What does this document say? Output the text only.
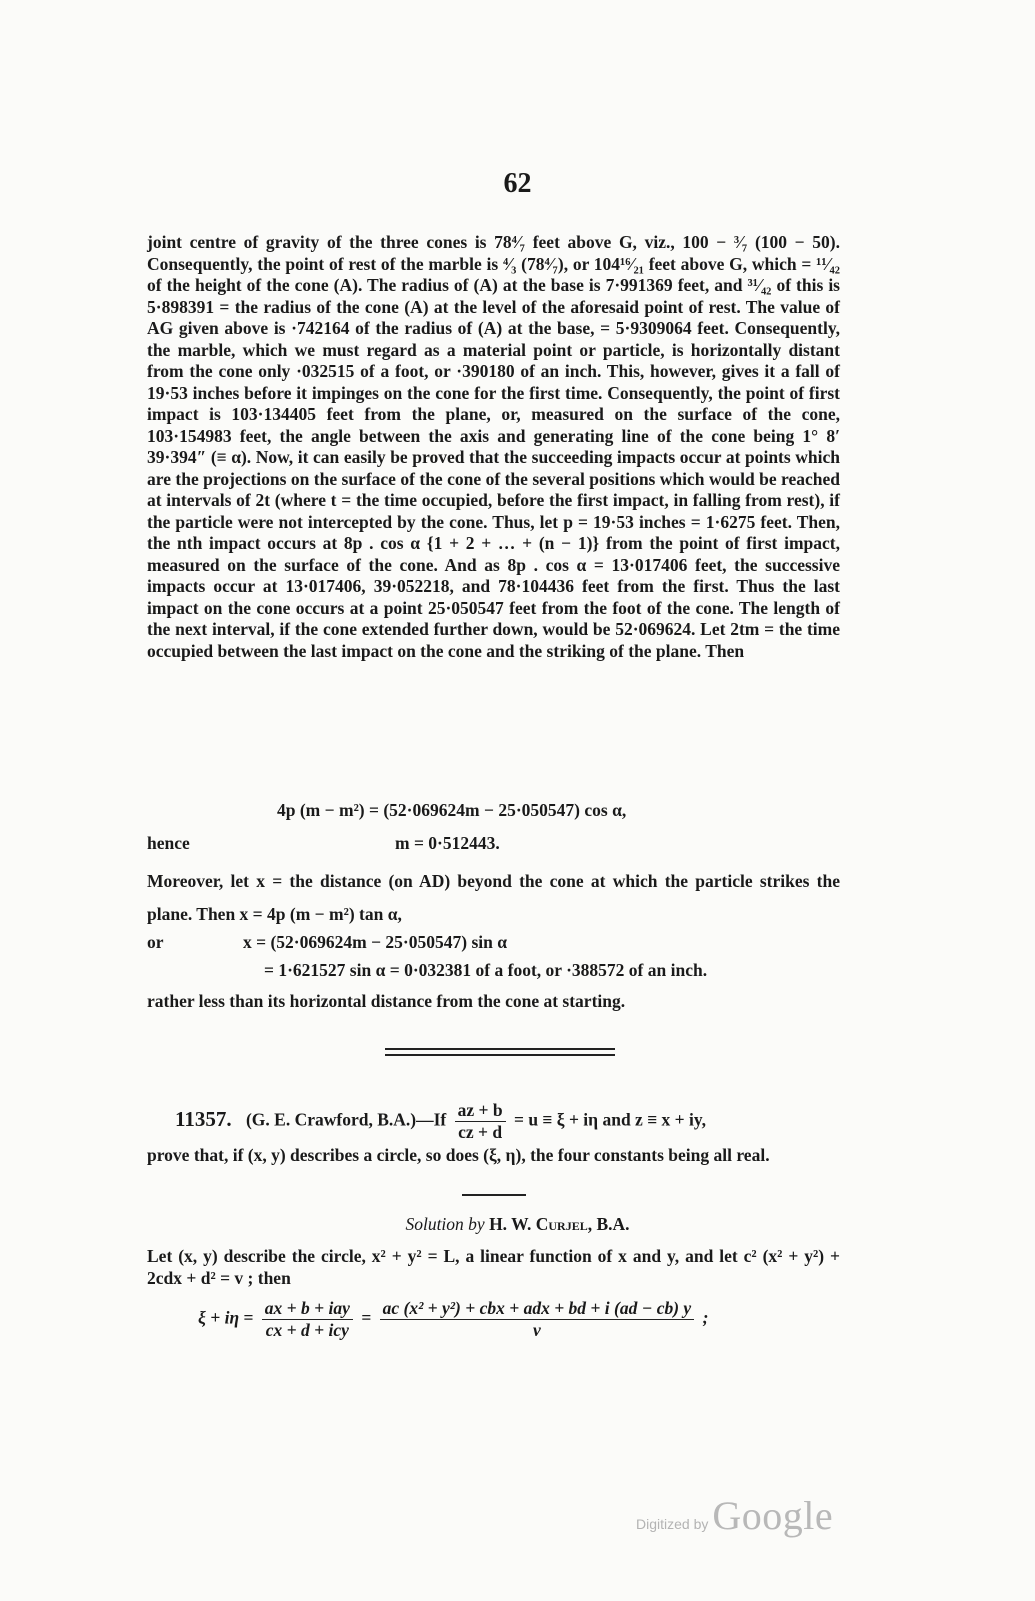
62

joint centre of gravity of the three cones is 78⁴⁄₇ feet above G, viz., 100 − ³⁄₇ (100 − 50). Consequently, the point of rest of the marble is ⁴⁄₃ (78⁴⁄₇), or 104¹⁶⁄₂₁ feet above G, which = ¹¹⁄₄₂ of the height of the cone (A). The radius of (A) at the base is 7·991369 feet, and ³¹⁄₄₂ of this is 5·898391 = the radius of the cone (A) at the level of the aforesaid point of rest. The value of AG given above is ·742164 of the radius of (A) at the base, = 5·9309064 feet. Consequently, the marble, which we must regard as a material point or particle, is horizontally distant from the cone only ·032515 of a foot, or ·390180 of an inch. This, however, gives it a fall of 19·53 inches before it impinges on the cone for the first time. Consequently, the point of first impact is 103·134405 feet from the plane, or, measured on the surface of the cone, 103·154983 feet, the angle between the axis and generating line of the cone being 1° 8′ 39·394″ (≡ α). Now, it can easily be proved that the succeeding impacts occur at points which are the projections on the surface of the cone of the several positions which would be reached at intervals of 2t (where t = the time occupied, before the first impact, in falling from rest), if the particle were not intercepted by the cone. Thus, let p = 19·53 inches = 1·6275 feet. Then, the nth impact occurs at 8p . cos α {1 + 2 + … + (n − 1)} from the point of first impact, measured on the surface of the cone. And as 8p . cos α = 13·017406 feet, the successive impacts occur at 13·017406, 39·052218, and 78·104436 feet from the first. Thus the last impact on the cone occurs at a point 25·050547 feet from the foot of the cone. The length of the next interval, if the cone extended further down, would be 52·069624. Let 2tm = the time occupied between the last impact on the cone and the striking of the plane. Then

4p (m − m²) = (52·069624m − 25·050547) cos α,
hence	m = 0·512443.

Moreover, let x = the distance (on AD) beyond the cone at which the particle strikes the plane. Then x = 4p (m − m²) tan α,

or	x = (52·069624m − 25·050547) sin α
= 1·621527 sin α = 0·032381 of a foot, or ·388572 of an inch.
rather less than its horizontal distance from the cone at starting.
11357. (G. E. Crawford, B.A.)—If $\frac{az + b}{cz + d} = u \equiv \xi + i\eta$ and z ≡ x + iy,

prove that, if (x, y) describes a circle, so does (ξ, η), the four constants being all real.

Solution by H. W. Curjel, B.A.

Let (x, y) describe the circle, x² + y² = L, a linear function of x and y, and let c² (x² + y²) + 2cdx + d² = v ; then

$\xi + i\eta = \frac{\text{ax + b + iay}}{\text{cx + d + icy}} = \frac{\text{ac (x² + y²) + cbx + adx + bd + i (ad − cb) y}}{v}$ ;
Digitized by Google
